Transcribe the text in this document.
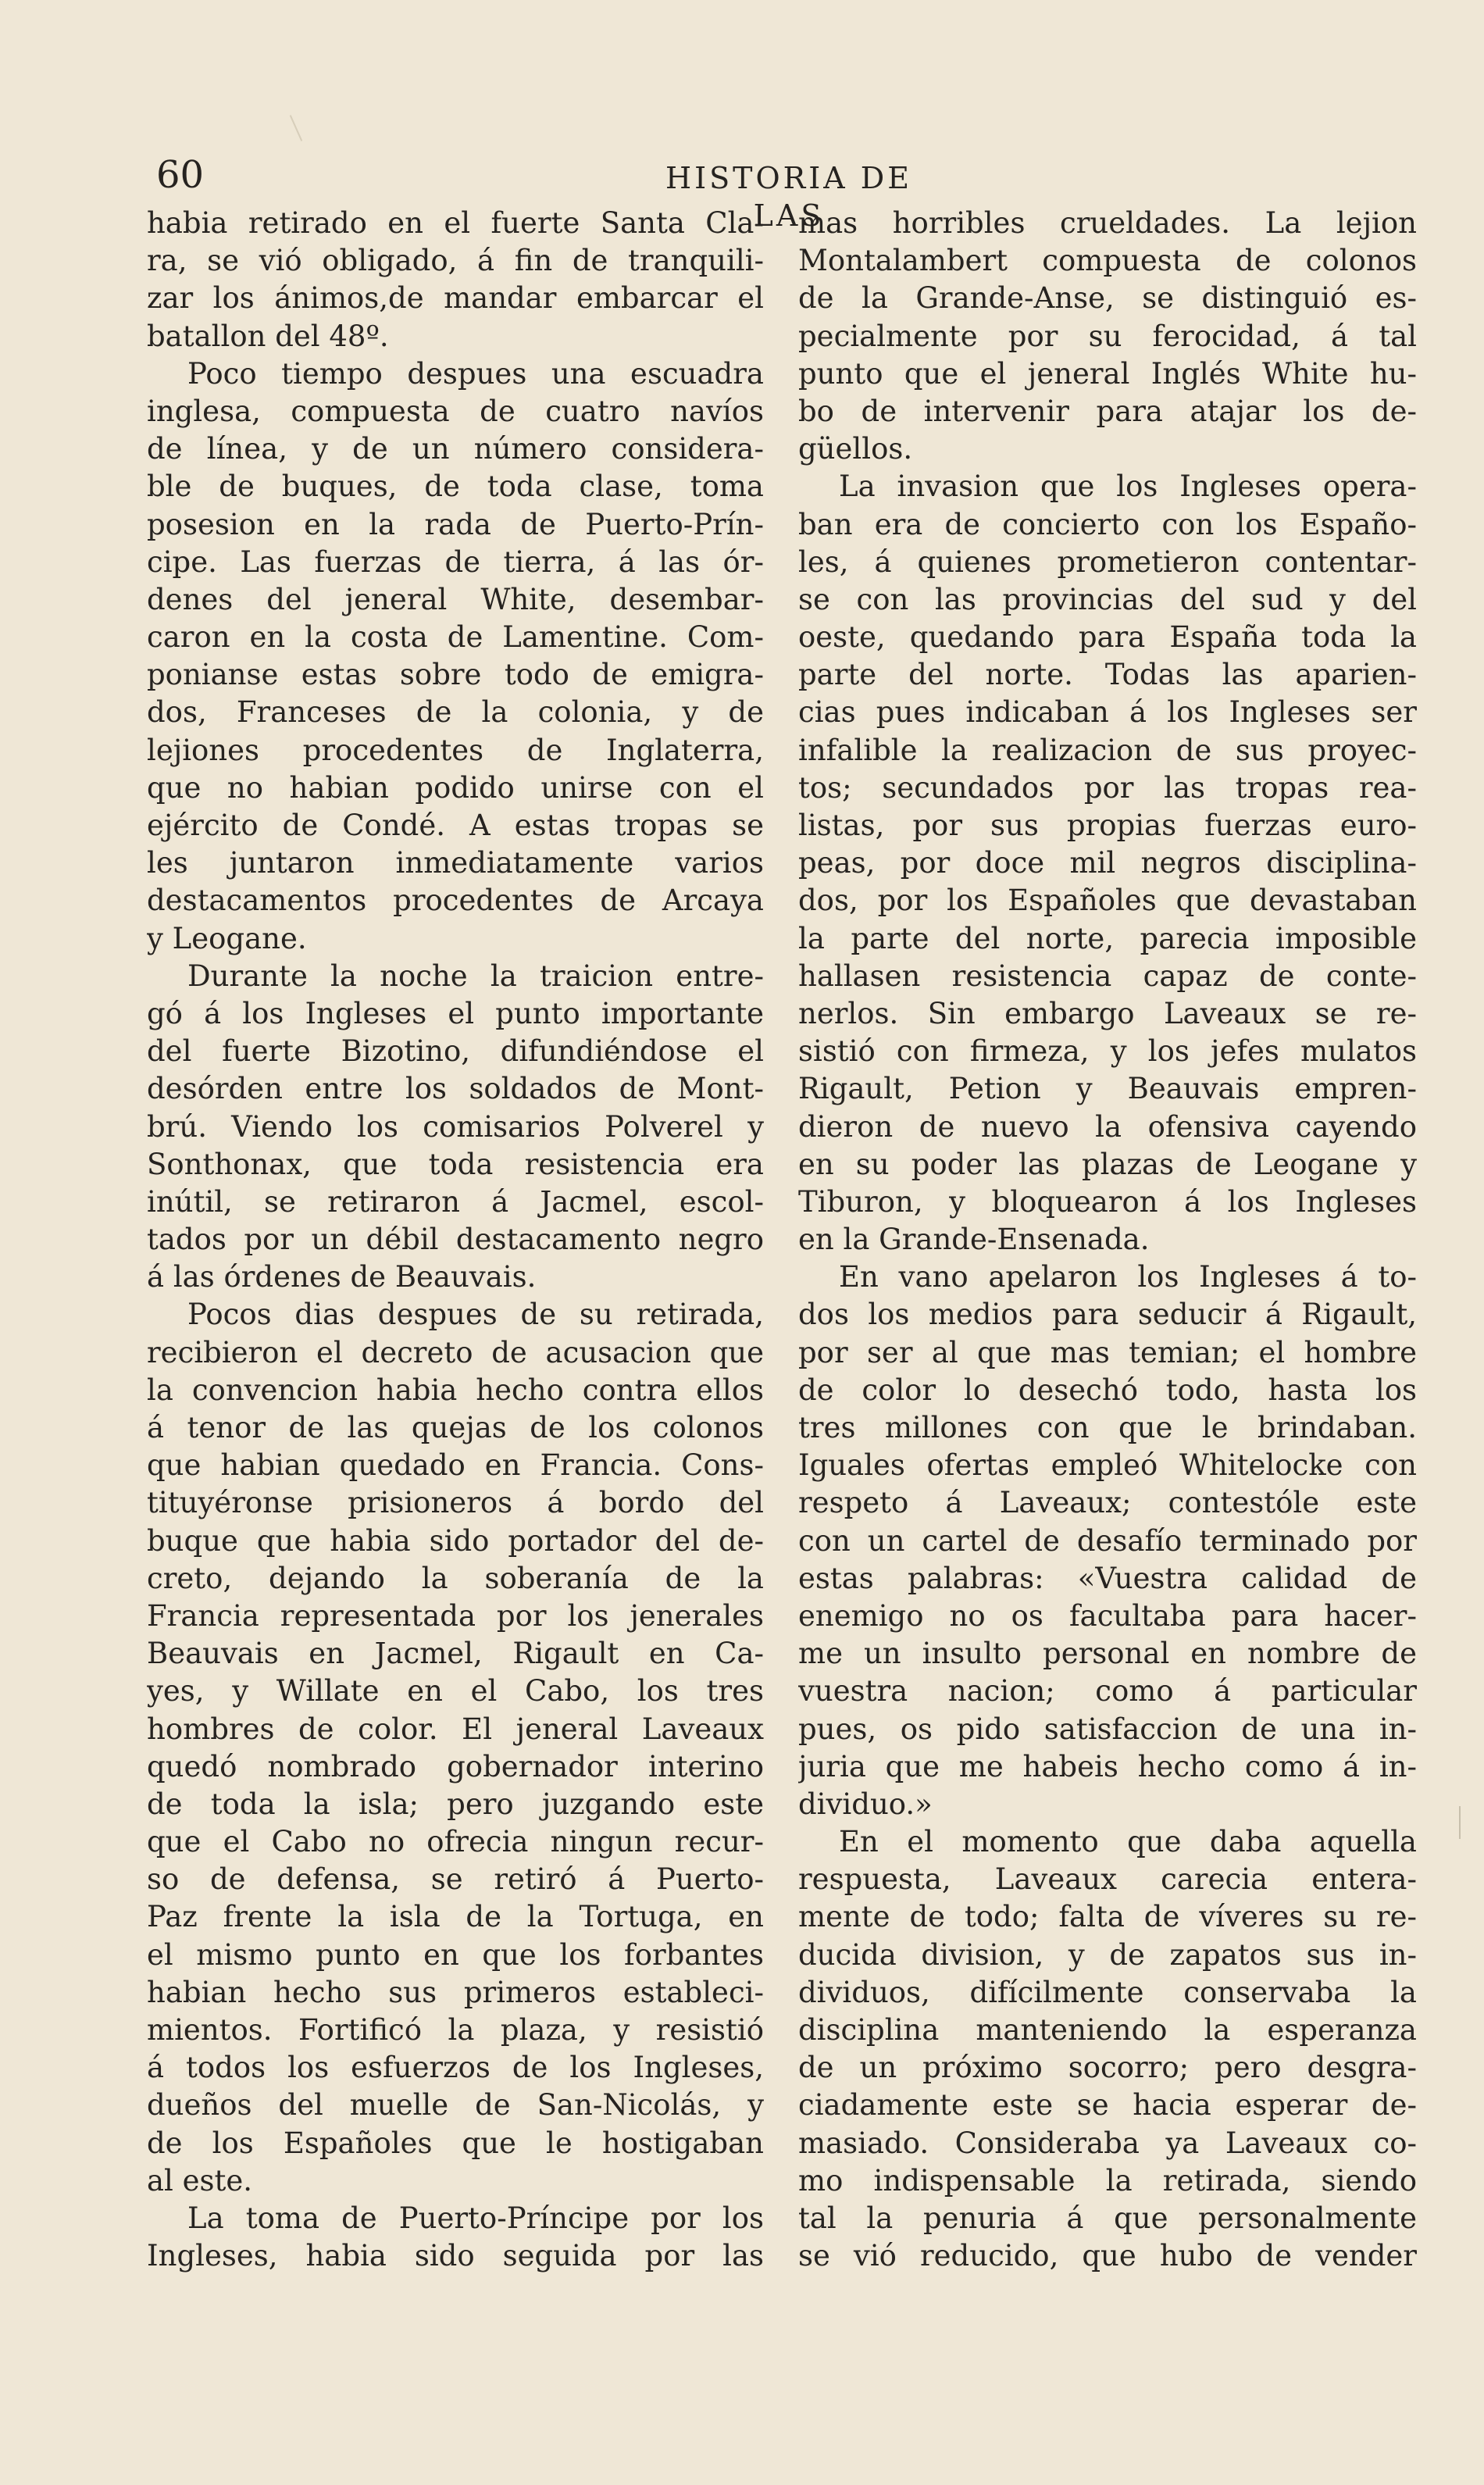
60	HISTORIA DE LAS
habia retirado en el fuerte Santa Cla-
ra, se vió obligado, á fin de tranquili-
zar los ánimos,de mandar embarcar el
batallon del 48º.
Poco tiempo despues una escuadra
inglesa, compuesta de cuatro navíos
de línea, y de un número considera-
ble de buques, de toda clase, toma
posesion en la rada de Puerto-Prín-
cipe. Las fuerzas de tierra, á las ór-
denes del jeneral White, desembar-
caron en la costa de Lamentine. Com-
ponianse estas sobre todo de emigra-
dos, Franceses de la colonia, y de
lejiones procedentes de Inglaterra,
que no habian podido unirse con el
ejército de Condé. A estas tropas se
les juntaron inmediatamente varios
destacamentos procedentes de Arcaya
y Leogane.
Durante la noche la traicion entre-
gó á los Ingleses el punto importante
del fuerte Bizotino, difundiéndose el
desórden entre los soldados de Mont-
brú. Viendo los comisarios Polverel y
Sonthonax, que toda resistencia era
inútil, se retiraron á Jacmel, escol-
tados por un débil destacamento negro
á las órdenes de Beauvais.
Pocos dias despues de su retirada,
recibieron el decreto de acusacion que
la convencion habia hecho contra ellos
á tenor de las quejas de los colonos
que habian quedado en Francia. Cons-
tituyéronse prisioneros á bordo del
buque que habia sido portador del de-
creto, dejando la soberanía de la
Francia representada por los jenerales
Beauvais en Jacmel, Rigault en Ca-
yes, y Willate en el Cabo, los tres
hombres de color. El jeneral Laveaux
quedó nombrado gobernador interino
de toda la isla; pero juzgando este
que el Cabo no ofrecia ningun recur-
so de defensa, se retiró á Puerto-
Paz frente la isla de la Tortuga, en
el mismo punto en que los forbantes
habian hecho sus primeros estableci-
mientos. Fortificó la plaza, y resistió
á todos los esfuerzos de los Ingleses,
dueños del muelle de San-Nicolás, y
de los Españoles que le hostigaban
al este.
La toma de Puerto-Príncipe por los
Ingleses, habia sido seguida por las
mas horribles crueldades. La lejion
Montalambert compuesta de colonos
de la Grande-Anse, se distinguió es-
pecialmente por su ferocidad, á tal
punto que el jeneral Inglés White hu-
bo de intervenir para atajar los de-
güellos.
La invasion que los Ingleses opera-
ban era de concierto con los Españo-
les, á quienes prometieron contentar-
se con las provincias del sud y del
oeste, quedando para España toda la
parte del norte. Todas las aparien-
cias pues indicaban á los Ingleses ser
infalible la realizacion de sus proyec-
tos; secundados por las tropas rea-
listas, por sus propias fuerzas euro-
peas, por doce mil negros disciplina-
dos, por los Españoles que devastaban
la parte del norte, parecia imposible
hallasen resistencia capaz de conte-
nerlos. Sin embargo Laveaux se re-
sistió con firmeza, y los jefes mulatos
Rigault, Petion y Beauvais empren-
dieron de nuevo la ofensiva cayendo
en su poder las plazas de Leogane y
Tiburon, y bloquearon á los Ingleses
en la Grande-Ensenada.
En vano apelaron los Ingleses á to-
dos los medios para seducir á Rigault,
por ser al que mas temian; el hombre
de color lo desechó todo, hasta los
tres millones con que le brindaban.
Iguales ofertas empleó Whitelocke con
respeto á Laveaux; contestóle este
con un cartel de desafío terminado por
estas palabras: «Vuestra calidad de
enemigo no os facultaba para hacer-
me un insulto personal en nombre de
vuestra nacion; como á particular
pues, os pido satisfaccion de una in-
juria que me habeis hecho como á in-
dividuo.»
En el momento que daba aquella
respuesta, Laveaux carecia entera-
mente de todo; falta de víveres su re-
ducida division, y de zapatos sus in-
dividuos, difícilmente conservaba la
disciplina manteniendo la esperanza
de un próximo socorro; pero desgra-
ciadamente este se hacia esperar de-
masiado. Consideraba ya Laveaux co-
mo indispensable la retirada, siendo
tal la penuria á que personalmente
se vió reducido, que hubo de vender
